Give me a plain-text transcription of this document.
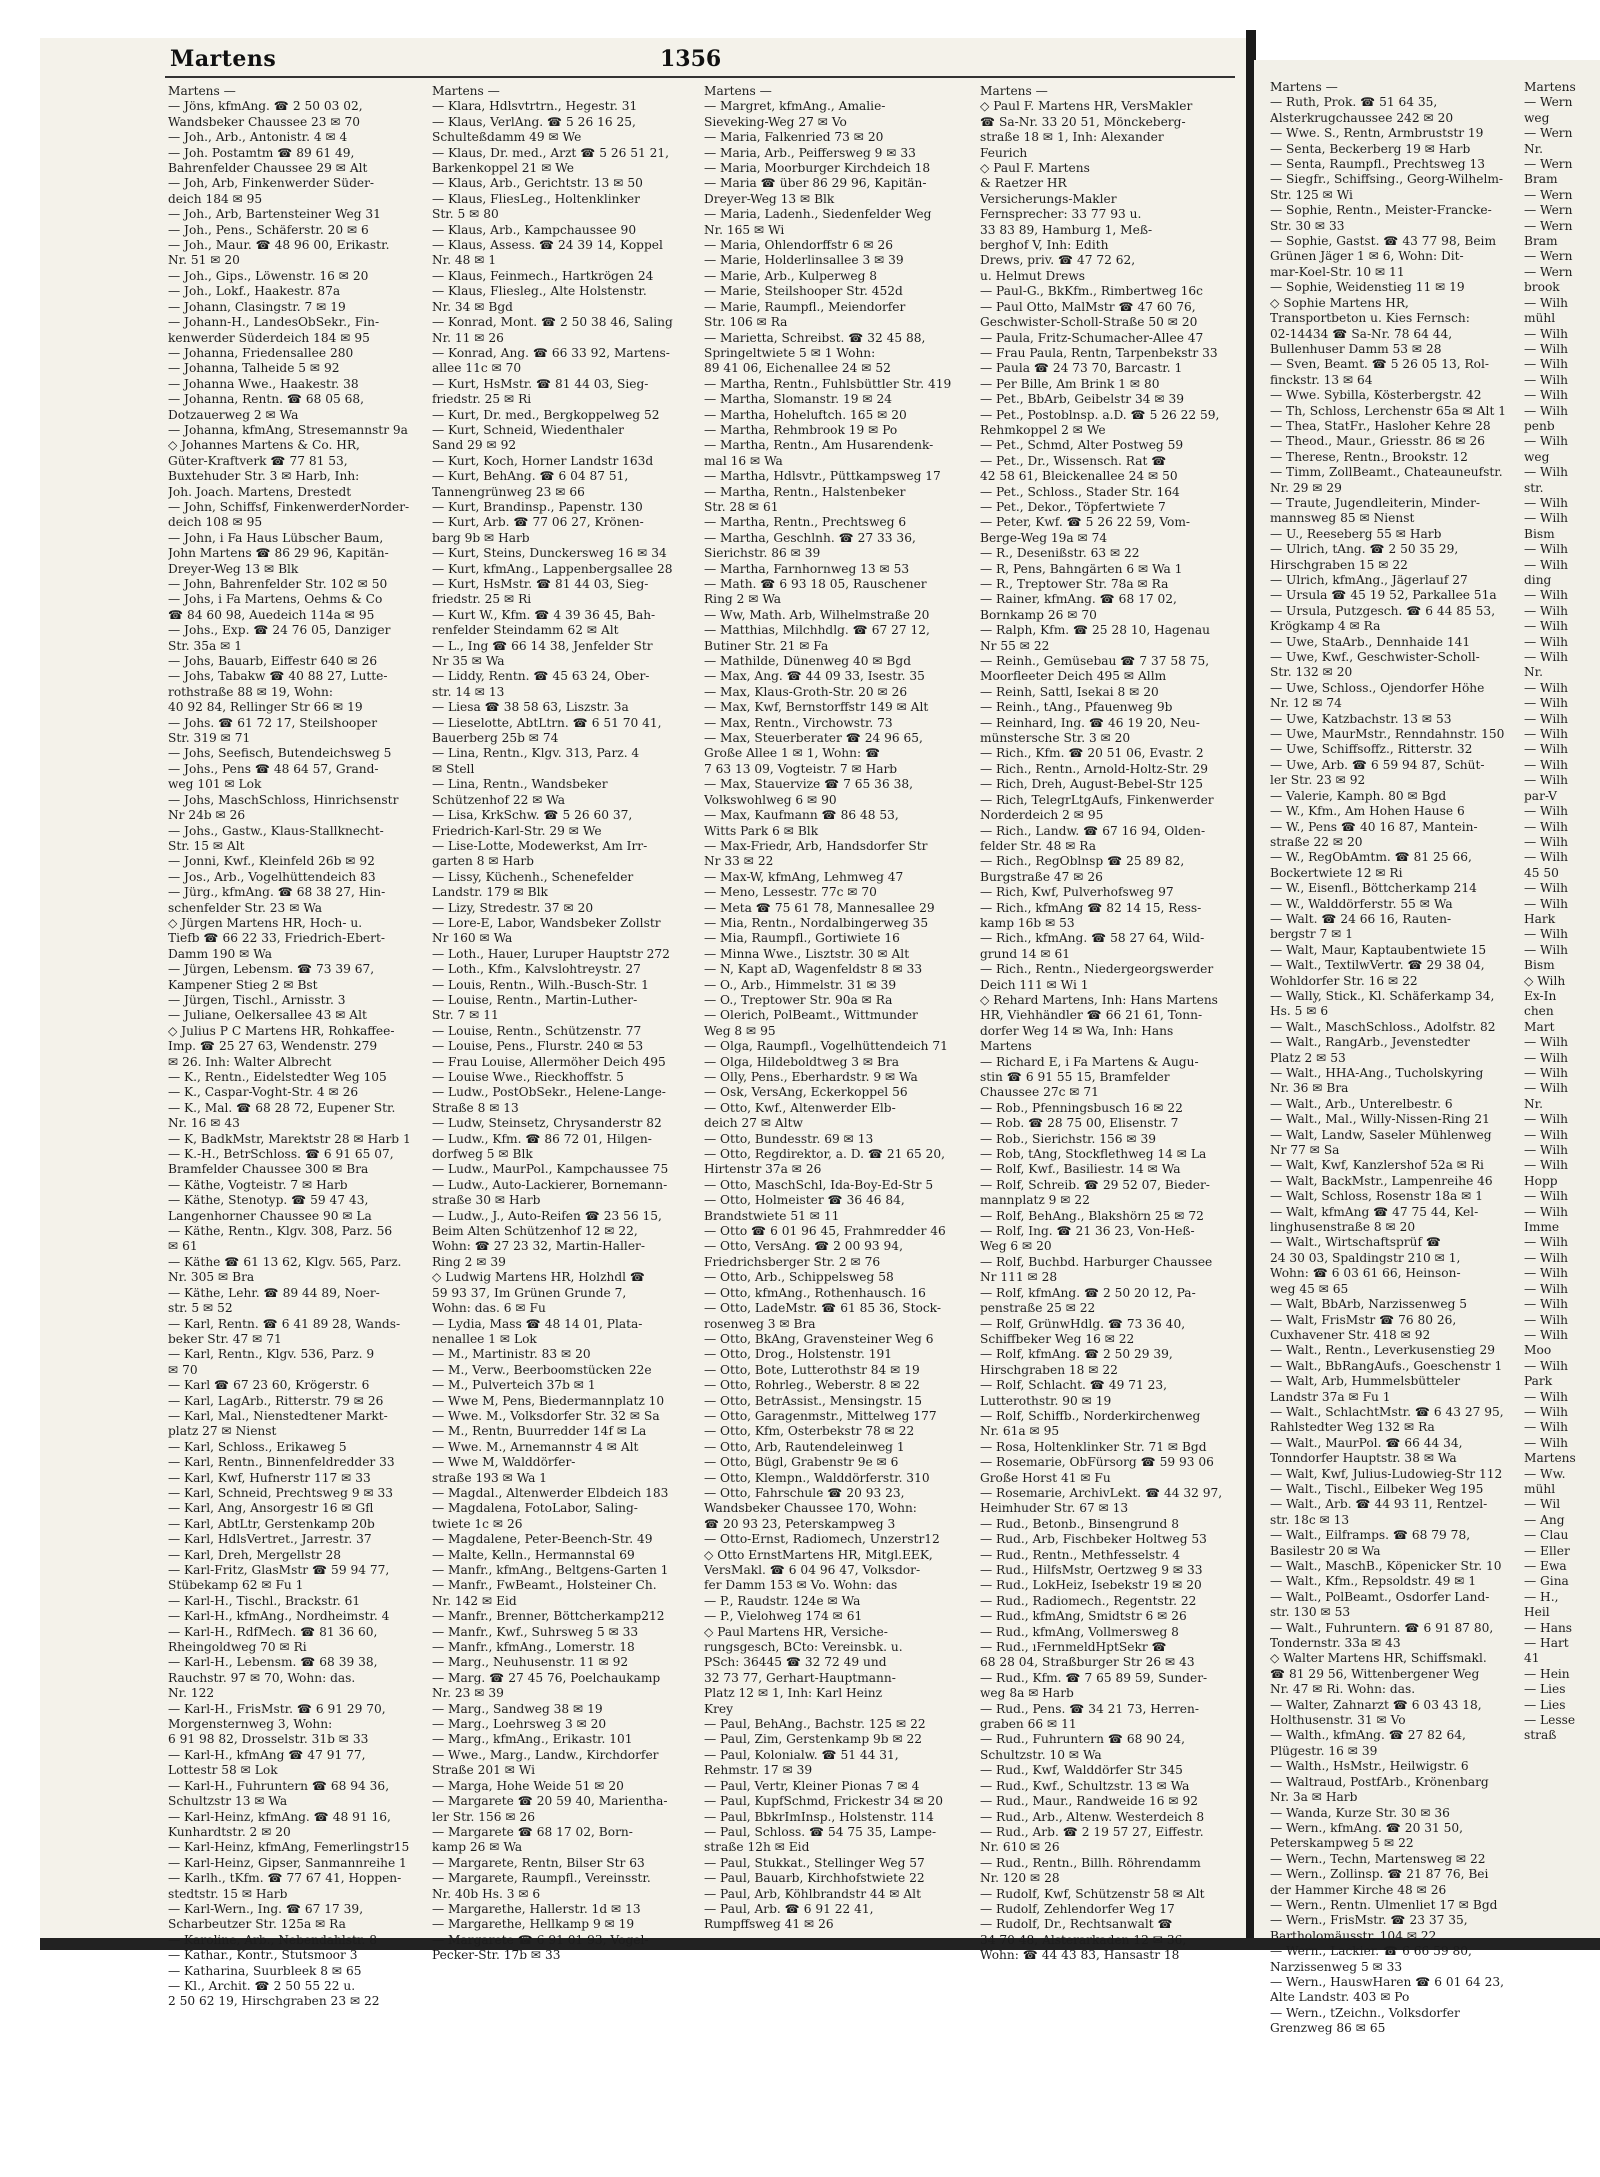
Martens	1356

Martens —

— Jöns, kfmAng. ☎ 2 50 03 02,

Wandsbeker Chaussee 23 ✉ 70

— Joh., Arb., Antonistr. 4 ✉ 4

— Joh. Postamtm ☎ 89 61 49,

Bahrenfelder Chaussee 29 ✉ Alt

— Joh, Arb, Finkenwerder Süder-

deich 184 ✉ 95

— Joh., Arb, Bartensteiner Weg 31

— Joh., Pens., Schäferstr. 20 ✉ 6

— Joh., Maur. ☎ 48 96 00, Erikastr.

Nr. 51 ✉ 20

— Joh., Gips., Löwenstr. 16 ✉ 20

— Joh., Lokf., Haakestr. 87a

— Johann, Clasingstr. 7 ✉ 19

— Johann-H., LandesObSekr., Fin-

kenwerder Süderdeich 184 ✉ 95

— Johanna, Friedensallee 280

— Johanna, Talheide 5 ✉ 92

— Johanna Wwe., Haakestr. 38

— Johanna, Rentn. ☎ 68 05 68,

Dotzauerweg 2 ✉ Wa

— Johanna, kfmAng, Stresemannstr 9a

◇ Johannes Martens & Co. HR,

Güter-Kraftverk ☎ 77 81 53,

Buxtehuder Str. 3 ✉ Harb, Inh:

Joh. Joach. Martens, Drestedt

— John, Schiffsf, FinkenwerderNorder-

deich 108 ✉ 95

— John, i Fa Haus Lübscher Baum,

John Martens ☎ 86 29 96, Kapitän-

Dreyer-Weg 13 ✉ Blk

— John, Bahrenfelder Str. 102 ✉ 50

— Johs, i Fa Martens, Oehms & Co

☎ 84 60 98, Auedeich 114a ✉ 95

— Johs., Exp. ☎ 24 76 05, Danziger

Str. 35a ✉ 1

— Johs, Bauarb, Eiffestr 640 ✉ 26

— Johs, Tabakw ☎ 40 88 27, Lutte-

rothstraße 88 ✉ 19, Wohn:

40 92 84, Rellinger Str 66 ✉ 19

— Johs. ☎ 61 72 17, Steilshooper

Str. 319 ✉ 71

— Johs, Seefisch, Butendeichsweg 5

— Johs., Pens ☎ 48 64 57, Grand-

weg 101 ✉ Lok

— Johs, MaschSchloss, Hinrichsenstr

Nr 24b ✉ 26

— Johs., Gastw., Klaus-Stallknecht-

Str. 15 ✉ Alt

— Jonni, Kwf., Kleinfeld 26b ✉ 92

— Jos., Arb., Vogelhüttendeich 83

— Jürg., kfmAng. ☎ 68 38 27, Hin-

schenfelder Str. 23 ✉ Wa

◇ Jürgen Martens HR, Hoch- u.

Tiefb ☎ 66 22 33, Friedrich-Ebert-

Damm 190 ✉ Wa

— Jürgen, Lebensm. ☎ 73 39 67,

Kampener Stieg 2 ✉ Bst

— Jürgen, Tischl., Arnisstr. 3

— Juliane, Oelkersallee 43 ✉ Alt

◇ Julius P C Martens HR, Rohkaffee-

Imp. ☎ 25 27 63, Wendenstr. 279

✉ 26. Inh: Walter Albrecht

— K., Rentn., Eidelstedter Weg 105

— K., Caspar-Voght-Str. 4 ✉ 26

— K., Mal. ☎ 68 28 72, Eupener Str.

Nr. 16 ✉ 43

— K, BadkMstr, Marektstr 28 ✉ Harb 1

— K.-H., BetrSchloss. ☎ 6 91 65 07,

Bramfelder Chaussee 300 ✉ Bra

— Käthe, Vogteistr. 7 ✉ Harb

— Käthe, Stenotyp. ☎ 59 47 43,

Langenhorner Chaussee 90 ✉ La

— Käthe, Rentn., Klgv. 308, Parz. 56

✉ 61

— Käthe ☎ 61 13 62, Klgv. 565, Parz.

Nr. 305 ✉ Bra

— Käthe, Lehr. ☎ 89 44 89, Noer-

str. 5 ✉ 52

— Karl, Rentn. ☎ 6 41 89 28, Wands-

beker Str. 47 ✉ 71

— Karl, Rentn., Klgv. 536, Parz. 9

✉ 70

— Karl ☎ 67 23 60, Krögerstr. 6

— Karl, LagArb., Ritterstr. 79 ✉ 26

— Karl, Mal., Nienstedtener Markt-

platz 27 ✉ Nienst

— Karl, Schloss., Erikaweg 5

— Karl, Rentn., Binnenfeldredder 33

— Karl, Kwf, Hufnerstr 117 ✉ 33

— Karl, Schneid, Prechtsweg 9 ✉ 33

— Karl, Ang, Ansorgestr 16 ✉ Gfl

— Karl, AbtLtr, Gerstenkamp 20b

— Karl, HdlsVertret., Jarrestr. 37

— Karl, Dreh, Mergellstr 28

— Karl-Fritz, GlasMstr ☎ 59 94 77,

Stübekamp 62 ✉ Fu 1

— Karl-H., Tischl., Brackstr. 61

— Karl-H., kfmAng., Nordheimstr. 4

— Karl-H., RdfMech. ☎ 81 36 60,

Rheingoldweg 70 ✉ Ri

— Karl-H., Lebensm. ☎ 68 39 38,

Rauchstr. 97 ✉ 70, Wohn: das.

Nr. 122

— Karl-H., FrisMstr. ☎ 6 91 29 70,

Morgensternweg 3, Wohn:

6 91 98 82, Drosselstr. 31b ✉ 33

— Karl-H., kfmAng ☎ 47 91 77,

Lottestr 58 ✉ Lok

— Karl-H., Fuhruntern ☎ 68 94 36,

Schultzstr 13 ✉ Wa

— Karl-Heinz, kfmAng. ☎ 48 91 16,

Kunhardtstr. 2 ✉ 20

— Karl-Heinz, kfmAng, Femerlingstr15

— Karl-Heinz, Gipser, Sanmannreihe 1

— Karlh., tKfm. ☎ 77 67 41, Hoppen-

stedtstr. 15 ✉ Harb

— Karl-Wern., Ing. ☎ 67 17 39,

Scharbeutzer Str. 125a ✉ Ra

— Karoline, Arb., Nebendahlstr. 8

— Kathar., Kontr., Stutsmoor 3

— Katharina, Suurbleek 8 ✉ 65

— Kl., Archit. ☎ 2 50 55 22 u.

2 50 62 19, Hirschgraben 23 ✉ 22

Martens —

— Klara, Hdlsvtrtrn., Hegestr. 31

— Klaus, VerlAng. ☎ 5 26 16 25,

Schulteßdamm 49 ✉ We

— Klaus, Dr. med., Arzt ☎ 5 26 51 21,

Barkenkoppel 21 ✉ We

— Klaus, Arb., Gerichtstr. 13 ✉ 50

— Klaus, FliesLeg., Holtenklinker

Str. 5 ✉ 80

— Klaus, Arb., Kampchaussee 90

— Klaus, Assess. ☎ 24 39 14, Koppel

Nr. 48 ✉ 1

— Klaus, Feinmech., Hartkrögen 24

— Klaus, Fliesleg., Alte Holstenstr.

Nr. 34 ✉ Bgd

— Konrad, Mont. ☎ 2 50 38 46, Saling

Nr. 11 ✉ 26

— Konrad, Ang. ☎ 66 33 92, Martens-

allee 11c ✉ 70

— Kurt, HsMstr. ☎ 81 44 03, Sieg-

friedstr. 25 ✉ Ri

— Kurt, Dr. med., Bergkoppelweg 52

— Kurt, Schneid, Wiedenthaler

Sand 29 ✉ 92

— Kurt, Koch, Horner Landstr 163d

— Kurt, BehAng. ☎ 6 04 87 51,

Tannengrünweg 23 ✉ 66

— Kurt, Brandinsp., Papenstr. 130

— Kurt, Arb. ☎ 77 06 27, Krönen-

barg 9b ✉ Harb

— Kurt, Steins, Dunckersweg 16 ✉ 34

— Kurt, kfmAng., Lappenbergsallee 28

— Kurt, HsMstr. ☎ 81 44 03, Sieg-

friedstr. 25 ✉ Ri

— Kurt W., Kfm. ☎ 4 39 36 45, Bah-

renfelder Steindamm 62 ✉ Alt

— L., Ing ☎ 66 14 38, Jenfelder Str

Nr 35 ✉ Wa

— Liddy, Rentn. ☎ 45 63 24, Ober-

str. 14 ✉ 13

— Liesa ☎ 38 58 63, Liszstr. 3a

— Lieselotte, AbtLtrn. ☎ 6 51 70 41,

Bauerberg 25b ✉ 74

— Lina, Rentn., Klgv. 313, Parz. 4

✉ Stell

— Lina, Rentn., Wandsbeker

Schützenhof 22 ✉ Wa

— Lisa, KrkSchw. ☎ 5 26 60 37,

Friedrich-Karl-Str. 29 ✉ We

— Lise-Lotte, Modewerkst, Am Irr-

garten 8 ✉ Harb

— Lissy, Küchenh., Schenefelder

Landstr. 179 ✉ Blk

— Lizy, Stredestr. 37 ✉ 20

— Lore-E, Labor, Wandsbeker Zollstr

Nr 160 ✉ Wa

— Loth., Hauer, Luruper Hauptstr 272

— Loth., Kfm., Kalvslohtreystr. 27

— Louis, Rentn., Wilh.-Busch-Str. 1

— Louise, Rentn., Martin-Luther-

Str. 7 ✉ 11

— Louise, Rentn., Schützenstr. 77

— Louise, Pens., Flurstr. 240 ✉ 53

— Frau Louise, Allermöher Deich 495

— Louise Wwe., Rieckhoffstr. 5

— Ludw., PostObSekr., Helene-Lange-

Straße 8 ✉ 13

— Ludw, Steinsetz, Chrysanderstr 82

— Ludw., Kfm. ☎ 86 72 01, Hilgen-

dorfweg 5 ✉ Blk

— Ludw., MaurPol., Kampchaussee 75

— Ludw., Auto-Lackierer, Bornemann-

straße 30 ✉ Harb

— Ludw., J., Auto-Reifen ☎ 23 56 15,

Beim Alten Schützenhof 12 ✉ 22,

Wohn: ☎ 27 23 32, Martin-Haller-

Ring 2 ✉ 39

◇ Ludwig Martens HR, Holzhdl ☎

59 93 37, Im Grünen Grunde 7,

Wohn: das. 6 ✉ Fu

— Lydia, Mass ☎ 48 14 01, Plata-

nenallee 1 ✉ Lok

— M., Martinistr. 83 ✉ 20

— M., Verw., Beerboomstücken 22e

— M., Pulverteich 37b ✉ 1

— Wwe M, Pens, Biedermannplatz 10

— Wwe. M., Volksdorfer Str. 32 ✉ Sa

— M., Rentn, Buurredder 14f ✉ La

— Wwe. M., Arnemannstr 4 ✉ Alt

— Wwe M, Walddörfer-

straße 193 ✉ Wa 1

— Magdal., Altenwerder Elbdeich 183

— Magdalena, FotoLabor, Saling-

twiete 1c ✉ 26

— Magdalene, Peter-Beench-Str. 49

— Malte, Kelln., Hermannstal 69

— Manfr., kfmAng., Beltgens-Garten 1

— Manfr., FwBeamt., Holsteiner Ch.

Nr. 142 ✉ Eid

— Manfr., Brenner, Böttcherkamp212

— Manfr., Kwf., Suhrsweg 5 ✉ 33

— Manfr., kfmAng., Lomerstr. 18

— Marg., Neuhusenstr. 11 ✉ 92

— Marg. ☎ 27 45 76, Poelchaukamp

Nr. 23 ✉ 39

— Marg., Sandweg 38 ✉ 19

— Marg., Loehrsweg 3 ✉ 20

— Marg., kfmAng., Erikastr. 101

— Wwe., Marg., Landw., Kirchdorfer

Straße 201 ✉ Wi

— Marga, Hohe Weide 51 ✉ 20

— Margarete ☎ 20 59 40, Marientha-

ler Str. 156 ✉ 26

— Margarete ☎ 68 17 02, Born-

kamp 26 ✉ Wa

— Margarete, Rentn, Bilser Str 63

— Margarete, Raumpfl., Vereinsstr.

Nr. 40b Hs. 3 ✉ 6

— Margarethe, Hallerstr. 1d ✉ 13

— Margarethe, Hellkamp 9 ✉ 19

— Margarete ☎ 6 91 01 93, Vogel-

Pecker-Str. 17b ✉ 33

Martens —

— Margret, kfmAng., Amalie-

Sieveking-Weg 27 ✉ Vo

— Maria, Falkenried 73 ✉ 20

— Maria, Arb., Peiffersweg 9 ✉ 33

— Maria, Moorburger Kirchdeich 18

— Maria ☎ über 86 29 96, Kapitän-

Dreyer-Weg 13 ✉ Blk

— Maria, Ladenh., Siedenfelder Weg

Nr. 165 ✉ Wi

— Maria, Ohlendorffstr 6 ✉ 26

— Marie, Holderlinsallee 3 ✉ 39

— Marie, Arb., Kulperweg 8

— Marie, Steilshooper Str. 452d

— Marie, Raumpfl., Meiendorfer

Str. 106 ✉ Ra

— Marietta, Schreibst. ☎ 32 45 88,

Springeltwiete 5 ✉ 1 Wohn:

89 41 06, Eichenallee 24 ✉ 52

— Martha, Rentn., Fuhlsbüttler Str. 419

— Martha, Slomanstr. 19 ✉ 24

— Martha, Hoheluftch. 165 ✉ 20

— Martha, Rehmbrook 19 ✉ Po

— Martha, Rentn., Am Husarendenk-

mal 16 ✉ Wa

— Martha, Hdlsvtr., Püttkampsweg 17

— Martha, Rentn., Halstenbeker

Str. 28 ✉ 61

— Martha, Rentn., Prechtsweg 6

— Martha, Geschlnh. ☎ 27 33 36,

Sierichstr. 86 ✉ 39

— Martha, Farnhornweg 13 ✉ 53

— Math. ☎ 6 93 18 05, Rauschener

Ring 2 ✉ Wa

— Ww, Math. Arb, Wilhelmstraße 20

— Matthias, Milchhdlg. ☎ 67 27 12,

Butiner Str. 21 ✉ Fa

— Mathilde, Dünenweg 40 ✉ Bgd

— Max, Ang. ☎ 44 09 33, Isestr. 35

— Max, Klaus-Groth-Str. 20 ✉ 26

— Max, Kwf, Bernstorffstr 149 ✉ Alt

— Max, Rentn., Virchowstr. 73

— Max, Steuerberater ☎ 24 96 65,

Große Allee 1 ✉ 1, Wohn: ☎

7 63 13 09, Vogteistr. 7 ✉ Harb

— Max, Stauervize ☎ 7 65 36 38,

Volkswohlweg 6 ✉ 90

— Max, Kaufmann ☎ 86 48 53,

Witts Park 6 ✉ Blk

— Max-Friedr, Arb, Handsdorfer Str

Nr 33 ✉ 22

— Max-W, kfmAng, Lehmweg 47

— Meno, Lessestr. 77c ✉ 70

— Meta ☎ 75 61 78, Mannesallee 29

— Mia, Rentn., Nordalbingerweg 35

— Mia, Raumpfl., Gortiwiete 16

— Minna Wwe., Lisztstr. 30 ✉ Alt

— N, Kapt aD, Wagenfeldstr 8 ✉ 33

— O., Arb., Himmelstr. 31 ✉ 39

— O., Treptower Str. 90a ✉ Ra

— Olerich, PolBeamt., Wittmunder

Weg 8 ✉ 95

— Olga, Raumpfl., Vogelhüttendeich 71

— Olga, Hildeboldtweg 3 ✉ Bra

— Olly, Pens., Eberhardstr. 9 ✉ Wa

— Osk, VersAng, Eckerkoppel 56

— Otto, Kwf., Altenwerder Elb-

deich 27 ✉ Altw

— Otto, Bundesstr. 69 ✉ 13

— Otto, Regdirektor, a. D. ☎ 21 65 20,

Hirtenstr 37a ✉ 26

— Otto, MaschSchl, Ida-Boy-Ed-Str 5

— Otto, Holmeister ☎ 36 46 84,

Brandstwiete 51 ✉ 11

— Otto ☎ 6 01 96 45, Frahmredder 46

— Otto, VersAng. ☎ 2 00 93 94,

Friedrichsberger Str. 2 ✉ 76

— Otto, Arb., Schippelsweg 58

— Otto, kfmAng., Rothenhausch. 16

— Otto, LadeMstr. ☎ 61 85 36, Stock-

rosenweg 3 ✉ Bra

— Otto, BkAng, Gravensteiner Weg 6

— Otto, Drog., Holstenstr. 191

— Otto, Bote, Lutterothstr 84 ✉ 19

— Otto, Rohrleg., Weberstr. 8 ✉ 22

— Otto, BetrAssist., Mensingstr. 15

— Otto, Garagenmstr., Mittelweg 177

— Otto, Kfm, Osterbekstr 78 ✉ 22

— Otto, Arb, Rautendeleinweg 1

— Otto, Bügl, Grabenstr 9e ✉ 6

— Otto, Klempn., Walddörferstr. 310

— Otto, Fahrschule ☎ 20 93 23,

Wandsbeker Chaussee 170, Wohn:

☎ 20 93 23, Peterskampweg 3

— Otto-Ernst, Radiomech, Unzerstr12

◇ Otto ErnstMartens HR, Mitgl.EEK,

VersMakl. ☎ 6 04 96 47, Volksdor-

fer Damm 153 ✉ Vo. Wohn: das

— P., Raudstr. 124e ✉ Wa

— P., Vielohweg 174 ✉ 61

◇ Paul Martens HR, Versiche-

rungsgesch, BCto: Vereinsbk. u.

PSch: 36445 ☎ 32 72 49 und

32 73 77, Gerhart-Hauptmann-

Platz 12 ✉ 1, Inh: Karl Heinz

Krey

— Paul, BehAng., Bachstr. 125 ✉ 22

— Paul, Zim, Gerstenkamp 9b ✉ 22

— Paul, Kolonialw. ☎ 51 44 31,

Rehmstr. 17 ✉ 39

— Paul, Vertr, Kleiner Pionas 7 ✉ 4

— Paul, KupfSchmd, Frickestr 34 ✉ 20

— Paul, BbkrImInsp., Holstenstr. 114

— Paul, Schloss. ☎ 54 75 35, Lampe-

straße 12h ✉ Eid

— Paul, Stukkat., Stellinger Weg 57

— Paul, Bauarb, Kirchhofstwiete 22

— Paul, Arb, Köhlbrandstr 44 ✉ Alt

— Paul, Arb. ☎ 6 91 22 41,

Rumpffsweg 41 ✉ 26

Martens —

◇ Paul F. Martens HR, VersMakler

☎ Sa-Nr. 33 20 51, Mönckeberg-

straße 18 ✉ 1, Inh: Alexander

Feurich

◇ Paul F. Martens

& Raetzer HR

Versicherungs-Makler

Fernsprecher: 33 77 93 u.

33 83 89, Hamburg 1, Meß-

berghof V, Inh: Edith

Drews, priv. ☎ 47 72 62,

u. Helmut Drews

— Paul-G., BkKfm., Rimbertweg 16c

— Paul Otto, MalMstr ☎ 47 60 76,

Geschwister-Scholl-Straße 50 ✉ 20

— Paula, Fritz-Schumacher-Allee 47

— Frau Paula, Rentn, Tarpenbekstr 33

— Paula ☎ 24 73 70, Barcastr. 1

— Per Bille, Am Brink 1 ✉ 80

— Pet., BbArb, Geibelstr 34 ✉ 39

— Pet., Postoblnsp. a.D. ☎ 5 26 22 59,

Rehmkoppel 2 ✉ We

— Pet., Schmd, Alter Postweg 59

— Pet., Dr., Wissensch. Rat ☎

42 58 61, Bleickenallee 24 ✉ 50

— Pet., Schloss., Stader Str. 164

— Pet., Dekor., Töpfertwiete 7

— Peter, Kwf. ☎ 5 26 22 59, Vom-

Berge-Weg 19a ✉ 74

— R., Desenißstr. 63 ✉ 22

— R, Pens, Bahngärten 6 ✉ Wa 1

— R., Treptower Str. 78a ✉ Ra

— Rainer, kfmAng. ☎ 68 17 02,

Bornkamp 26 ✉ 70

— Ralph, Kfm. ☎ 25 28 10, Hagenau

Nr 55 ✉ 22

— Reinh., Gemüsebau ☎ 7 37 58 75,

Moorfleeter Deich 495 ✉ Allm

— Reinh, Sattl, Isekai 8 ✉ 20

— Reinh., tAng., Pfauenweg 9b

— Reinhard, Ing. ☎ 46 19 20, Neu-

münstersche Str. 3 ✉ 20

— Rich., Kfm. ☎ 20 51 06, Evastr. 2

— Rich., Rentn., Arnold-Holtz-Str. 29

— Rich, Dreh, August-Bebel-Str 125

— Rich, TelegrLtgAufs, Finkenwerder

Norderdeich 2 ✉ 95

— Rich., Landw. ☎ 67 16 94, Olden-

felder Str. 48 ✉ Ra

— Rich., RegOblnsp ☎ 25 89 82,

Burgstraße 47 ✉ 26

— Rich, Kwf, Pulverhofsweg 97

— Rich., kfmAng ☎ 82 14 15, Ress-

kamp 16b ✉ 53

— Rich., kfmAng. ☎ 58 27 64, Wild-

grund 14 ✉ 61

— Rich., Rentn., Niedergeorgswerder

Deich 111 ✉ Wi 1

◇ Rehard Martens, Inh: Hans Martens

HR, Viehhändler ☎ 66 21 61, Tonn-

dorfer Weg 14 ✉ Wa, Inh: Hans

Martens

— Richard E, i Fa Martens & Augu-

stin ☎ 6 91 55 15, Bramfelder

Chaussee 27c ✉ 71

— Rob., Pfenningsbusch 16 ✉ 22

— Rob. ☎ 28 75 00, Elisenstr. 7

— Rob., Sierichstr. 156 ✉ 39

— Rob, tAng, Stockflethweg 14 ✉ La

— Rolf, Kwf., Basiliestr. 14 ✉ Wa

— Rolf, Schreib. ☎ 29 52 07, Bieder-

mannplatz 9 ✉ 22

— Rolf, BehAng., Blakshörn 25 ✉ 72

— Rolf, Ing. ☎ 21 36 23, Von-Heß-

Weg 6 ✉ 20

— Rolf, Buchbd. Harburger Chaussee

Nr 111 ✉ 28

— Rolf, kfmAng. ☎ 2 50 20 12, Pa-

penstraße 25 ✉ 22

— Rolf, GrünwHdlg. ☎ 73 36 40,

Schiffbeker Weg 16 ✉ 22

— Rolf, kfmAng. ☎ 2 50 29 39,

Hirschgraben 18 ✉ 22

— Rolf, Schlacht. ☎ 49 71 23,

Lutterothstr. 90 ✉ 19

— Rolf, Schiffb., Norderkirchenweg

Nr. 61a ✉ 95

— Rosa, Holtenklinker Str. 71 ✉ Bgd

— Rosemarie, ObFürsorg ☎ 59 93 06

Große Horst 41 ✉ Fu

— Rosemarie, ArchivLekt. ☎ 44 32 97,

Heimhuder Str. 67 ✉ 13

— Rud., Betonb., Binsengrund 8

— Rud., Arb, Fischbeker Holtweg 53

— Rud., Rentn., Methfesselstr. 4

— Rud., HilfsMstr, Oertzweg 9 ✉ 33

— Rud., LokHeiz, Isebekstr 19 ✉ 20

— Rud., Radiomech., Regentstr. 22

— Rud., kfmAng, Smidtstr 6 ✉ 26

— Rud., kfmAng, Vollmersweg 8

— Rud., ıFernmeldHptSekr ☎

68 28 04, Straßburger Str 26 ✉ 43

— Rud., Kfm. ☎ 7 65 89 59, Sunder-

weg 8a ✉ Harb

— Rud., Pens. ☎ 34 21 73, Herren-

graben 66 ✉ 11

— Rud., Fuhruntern ☎ 68 90 24,

Schultzstr. 10 ✉ Wa

— Rud., Kwf, Walddörfer Str 345

— Rud., Kwf., Schultzstr. 13 ✉ Wa

— Rud., Maur., Randweide 16 ✉ 92

— Rud., Arb., Altenw. Westerdeich 8

— Rud., Arb. ☎ 2 19 57 27, Eiffestr.

Nr. 610 ✉ 26

— Rud., Rentn., Billh. Röhrendamm

Nr. 120 ✉ 28

— Rudolf, Kwf, Schützenstr 58 ✉ Alt

— Rudolf, Zehlendorfer Weg 17

— Rudolf, Dr., Rechtsanwalt ☎

34 70 48, Alsterarkaden 12 ✉ 36,

Wohn: ☎ 44 43 83, Hansastr 18

Martens —

— Ruth, Prok. ☎ 51 64 35,

Alsterkrugchaussee 242 ✉ 20

— Wwe. S., Rentn, Armbruststr 19

— Senta, Beckerberg 19 ✉ Harb

— Senta, Raumpfl., Prechtsweg 13

— Siegfr., Schiffsing., Georg-Wilhelm-

Str. 125 ✉ Wi

— Sophie, Rentn., Meister-Francke-

Str. 30 ✉ 33

— Sophie, Gastst. ☎ 43 77 98, Beim

Grünen Jäger 1 ✉ 6, Wohn: Dit-

mar-Koel-Str. 10 ✉ 11

— Sophie, Weidenstieg 11 ✉ 19

◇ Sophie Martens HR,

Transportbeton u. Kies Fernsch:

02-14434 ☎ Sa-Nr. 78 64 44,

Bullenhuser Damm 53 ✉ 28

— Sven, Beamt. ☎ 5 26 05 13, Rol-

finckstr. 13 ✉ 64

— Wwe. Sybilla, Kösterbergstr. 42

— Th, Schloss, Lerchenstr 65a ✉ Alt 1

— Thea, StatFr., Hasloher Kehre 28

— Theod., Maur., Griesstr. 86 ✉ 26

— Therese, Rentn., Brookstr. 12

— Timm, ZollBeamt., Chateaunеufstr.

Nr. 29 ✉ 29

— Traute, Jugendleiterin, Minder-

mannsweg 85 ✉ Nienst

— U., Reeseberg 55 ✉ Harb

— Ulrich, tAng. ☎ 2 50 35 29,

Hirschgraben 15 ✉ 22

— Ulrich, kfmAng., Jägerlauf 27

— Ursula ☎ 45 19 52, Parkallee 51a

— Ursula, Putzgesch. ☎ 6 44 85 53,

Krögkamp 4 ✉ Ra

— Uwe, StaArb., Dennhaide 141

— Uwe, Kwf., Geschwister-Scholl-

Str. 132 ✉ 20

— Uwe, Schloss., Ojendorfer Höhe

Nr. 12 ✉ 74

— Uwe, Katzbachstr. 13 ✉ 53

— Uwe, MaurMstr., Renndahnstr. 150

— Uwe, Schiffsoffz., Ritterstr. 32

— Uwe, Arb. ☎ 6 59 94 87, Schüt-

ler Str. 23 ✉ 92

— Valerie, Kamph. 80 ✉ Bgd

— W., Kfm., Am Hohen Hause 6

— W., Pens ☎ 40 16 87, Mantein-

straße 22 ✉ 20

— W., RegObAmtm. ☎ 81 25 66,

Bockertwiete 12 ✉ Ri

— W., Eisenfl., Böttcherkamp 214

— W., Walddörferstr. 55 ✉ Wa

— Walt. ☎ 24 66 16, Rauten-

bergstr 7 ✉ 1

— Walt, Maur, Kaptaubentwiete 15

— Walt., TextilwVertr. ☎ 29 38 04,

Wohldorfer Str. 16 ✉ 22

— Wally, Stick., Kl. Schäferkamp 34,

Hs. 5 ✉ 6

— Walt., MaschSchloss., Adolfstr. 82

— Walt., RangArb., Jevenstedter

Platz 2 ✉ 53

— Walt., HHA-Ang., Tucholskyring

Nr. 36 ✉ Bra

— Walt., Arb., Unterelbestr. 6

— Walt., Mal., Willy-Nissen-Ring 21

— Walt, Landw, Saseler Mühlenweg

Nr 77 ✉ Sa

— Walt, Kwf, Kanzlershof 52a ✉ Ri

— Walt, BackMstr., Lampenreihe 46

— Walt, Schloss, Rosenstr 18a ✉ 1

— Walt, kfmAng ☎ 47 75 44, Kel-

linghusenstraße 8 ✉ 20

— Walt., Wirtschaftsprüf ☎

24 30 03, Spaldingstr 210 ✉ 1,

Wohn: ☎ 6 03 61 66, Heinson-

weg 45 ✉ 65

— Walt, BbArb, Narzissenweg 5

— Walt, FrisMstr ☎ 76 80 26,

Cuxhavener Str. 418 ✉ 92

— Walt., Rentn., Leverkusenstieg 29

— Walt., BbRangAufs., Goeschenstr 1

— Walt, Arb, Hummelsbütteler

Landstr 37a ✉ Fu 1

— Walt., SchlachtMstr. ☎ 6 43 27 95,

Rahlstedter Weg 132 ✉ Ra

— Walt., MaurPol. ☎ 66 44 34,

Tonndorfer Hauptstr. 38 ✉ Wa

— Walt, Kwf, Julius-Ludowieg-Str 112

— Walt., Tischl., Eilbeker Weg 195

— Walt., Arb. ☎ 44 93 11, Rentzel-

str. 18c ✉ 13

— Walt., Eilframps. ☎ 68 79 78,

Basilestr 20 ✉ Wa

— Walt., MaschB., Köpenicker Str. 10

— Walt., Kfm., Repsoldstr. 49 ✉ 1

— Walt., PolBeamt., Osdorfer Land-

str. 130 ✉ 53

— Walt., Fuhruntern. ☎ 6 91 87 80,

Tondernstr. 33a ✉ 43

◇ Walter Martens HR, Schiffsmakl.

☎ 81 29 56, Wittenbergener Weg

Nr. 47 ✉ Ri. Wohn: das.

— Walter, Zahnarzt ☎ 6 03 43 18,

Holthusenstr. 31 ✉ Vo

— Walth., kfmAng. ☎ 27 82 64,

Plügestr. 16 ✉ 39

— Walth., HsMstr., Heilwigstr. 6

— Waltraud, PostfArb., Krönenbarg

Nr. 3a ✉ Harb

— Wanda, Kurze Str. 30 ✉ 36

— Wern., kfmAng. ☎ 20 31 50,

Peterskampweg 5 ✉ 22

— Wern., Techn, Martensweg ✉ 22

— Wern., Zollinsp. ☎ 21 87 76, Bei

der Hammer Kirche 48 ✉ 26

— Wern., Rentn. Ulmenliet 17 ✉ Bgd

— Wern., FrisMstr. ☎ 23 37 35,

Bartholomäusstr. 104 ✉ 22

— Wern., Lackier. ☎ 6 66 59 80,

Narzissenweg 5 ✉ 33

— Wern., HauswHaren ☎ 6 01 64 23,

Alte Landstr. 403 ✉ Po

— Wern., tZeichn., Volksdorfer

Grenzweg 86 ✉ 65

Martens

— Wern

weg

— Wern

Nr.

— Wern

Bram

— Wern

— Wern

— Wern

Bram

— Wern

— Wern

brook

— Wilh

mühl

— Wilh

— Wilh

— Wilh

— Wilh

— Wilh

— Wilh

penb

— Wilh

weg

— Wilh

str.

— Wilh

— Wilh

Bism

— Wilh

— Wilh

ding

— Wilh

— Wilh

— Wilh

— Wilh

— Wilh

Nr.

— Wilh

— Wilh

— Wilh

— Wilh

— Wilh

— Wilh

— Wilh

par-V

— Wilh

— Wilh

— Wilh

— Wilh

45 50

— Wilh

— Wilh

Hark

— Wilh

— Wilh

Bism

◇ Wilh

Ex-In

chen

Mart

— Wilh

— Wilh

— Wilh

— Wilh

Nr.

— Wilh

— Wilh

— Wilh

— Wilh

Hopp

— Wilh

— Wilh

Imme

— Wilh

— Wilh

— Wilh

— Wilh

— Wilh

— Wilh

— Wilh

Moo

— Wilh

Park

— Wilh

— Wilh

— Wilh

— Wilh

Martens

— Ww.

mühl

— Wil

— Ang

— Clau

— Eller

— Ewa

— Gina

— H.,

Heil

— Hans

— Hart

41

— Hein

— Lies

— Lies

— Lesse

straß
